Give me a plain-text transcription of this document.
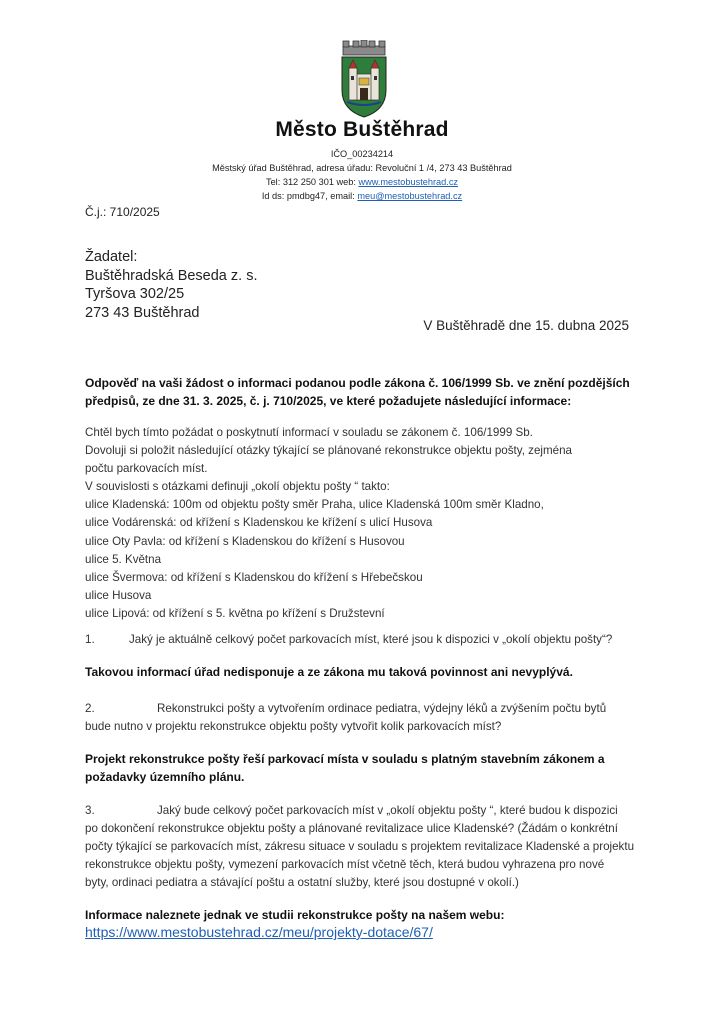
Město Buštěhrad
IČO_00234214
Městský úřad Buštěhrad, adresa úřadu: Revoluční 1 /4, 273 43 Buštěhrad
Tel: 312 250 301 web: www.mestobustehrad.cz
Id ds: pmdbg47, email: meu@mestobustehrad.cz
Č.j.: 710/2025
Žadatel:
Buštěhradská Beseda z. s.
Tyršova 302/25
273 43 Buštěhrad
V Buštěhradě dne 15. dubna 2025
Odpověď na vaši žádost o informaci podanou podle zákona č. 106/1999 Sb. ve znění pozdějších předpisů, ze dne 31. 3. 2025, č. j. 710/2025, ve které požadujete následující informace:
Chtěl bych tímto požádat o poskytnutí informací v souladu se zákonem č. 106/1999 Sb.
Dovoluji si položit následující otázky týkající se plánované rekonstrukce objektu pošty, zejména
počtu parkovacích míst.
V souvislosti s otázkami definuji „okolí objektu pošty “ takto:
ulice Kladenská: 100m od objektu pošty směr Praha, ulice Kladenská 100m směr Kladno,
ulice Vodárenská: od křížení s Kladenskou ke křížení s ulicí Husova
ulice Oty Pavla: od křížení s Kladenskou do křížení s Husovou
ulice 5. Května
ulice Švermova: od křížení s Kladenskou do křížení s Hřebečskou
ulice Husova
ulice Lipová: od křížení s 5. května po křížení s Družstevní
1.	Jaký je aktuálně celkový počet parkovacích míst, které jsou k dispozici v „okolí objektu pošty“?
Takovou informací úřad nedisponuje a ze zákona mu taková povinnost ani nevyplývá.
2.	Rekonstrukci pošty a vytvořením ordinace pediatra, výdejny léků a zvýšením počtu bytů
bude nutno v projektu rekonstrukce objektu pošty vytvořit kolik parkovacích míst?
Projekt rekonstrukce pošty řeší parkovací místa v souladu s platným stavebním zákonem a požadavky územního plánu.
3.	Jaký bude celkový počet parkovacích míst v „okolí objektu pošty “, které budou k dispozici
po dokončení rekonstrukce objektu pošty a plánované revitalizace ulice Kladenské? (Žádám o konkrétní
počty týkající se parkovacích míst, zákresu situace v souladu s projektem revitalizace Kladenské a projektu
rekonstrukce objektu pošty, vymezení parkovacích míst včetně těch, která budou vyhrazena pro nové
byty, ordinaci pediatra a stávající poštu a ostatní služby, které jsou dostupné v okolí.)
Informace naleznete jednak ve studii rekonstrukce pošty na našem webu:
https://www.mestobustehrad.cz/meu/projekty-dotace/67/
